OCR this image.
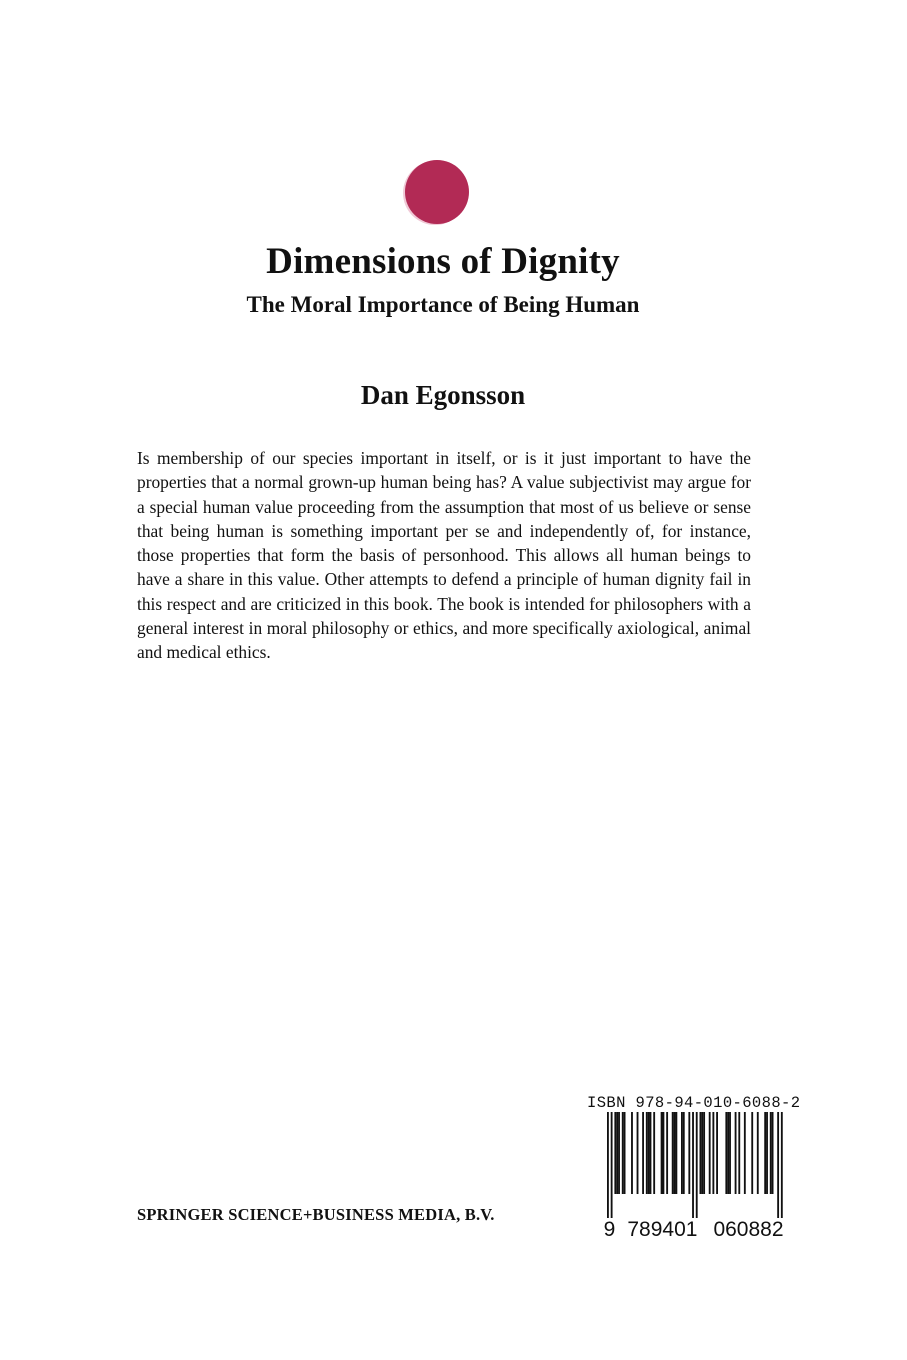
Dimensions of Dignity
The Moral Importance of Being Human
Dan Egonsson

Is membership of our species important in itself, or is it just important to have the properties that a normal grown-up human being has? A value subjectivist may argue for a special human value proceeding from the assumption that most of us believe or sense that being human is something important per se and independently of, for instance, those properties that form the basis of personhood. This allows all human beings to have a share in this value. Other attempts to defend a principle of human dignity fail in this respect and are criticized in this book. The book is intended for philosophers with a general interest in moral philosophy or ethics, and more specifically axiological, animal and medical ethics.

SPRINGER SCIENCE+BUSINESS MEDIA, B.V.

ISBN 978-94-010-6088-2

9 789401 060882
